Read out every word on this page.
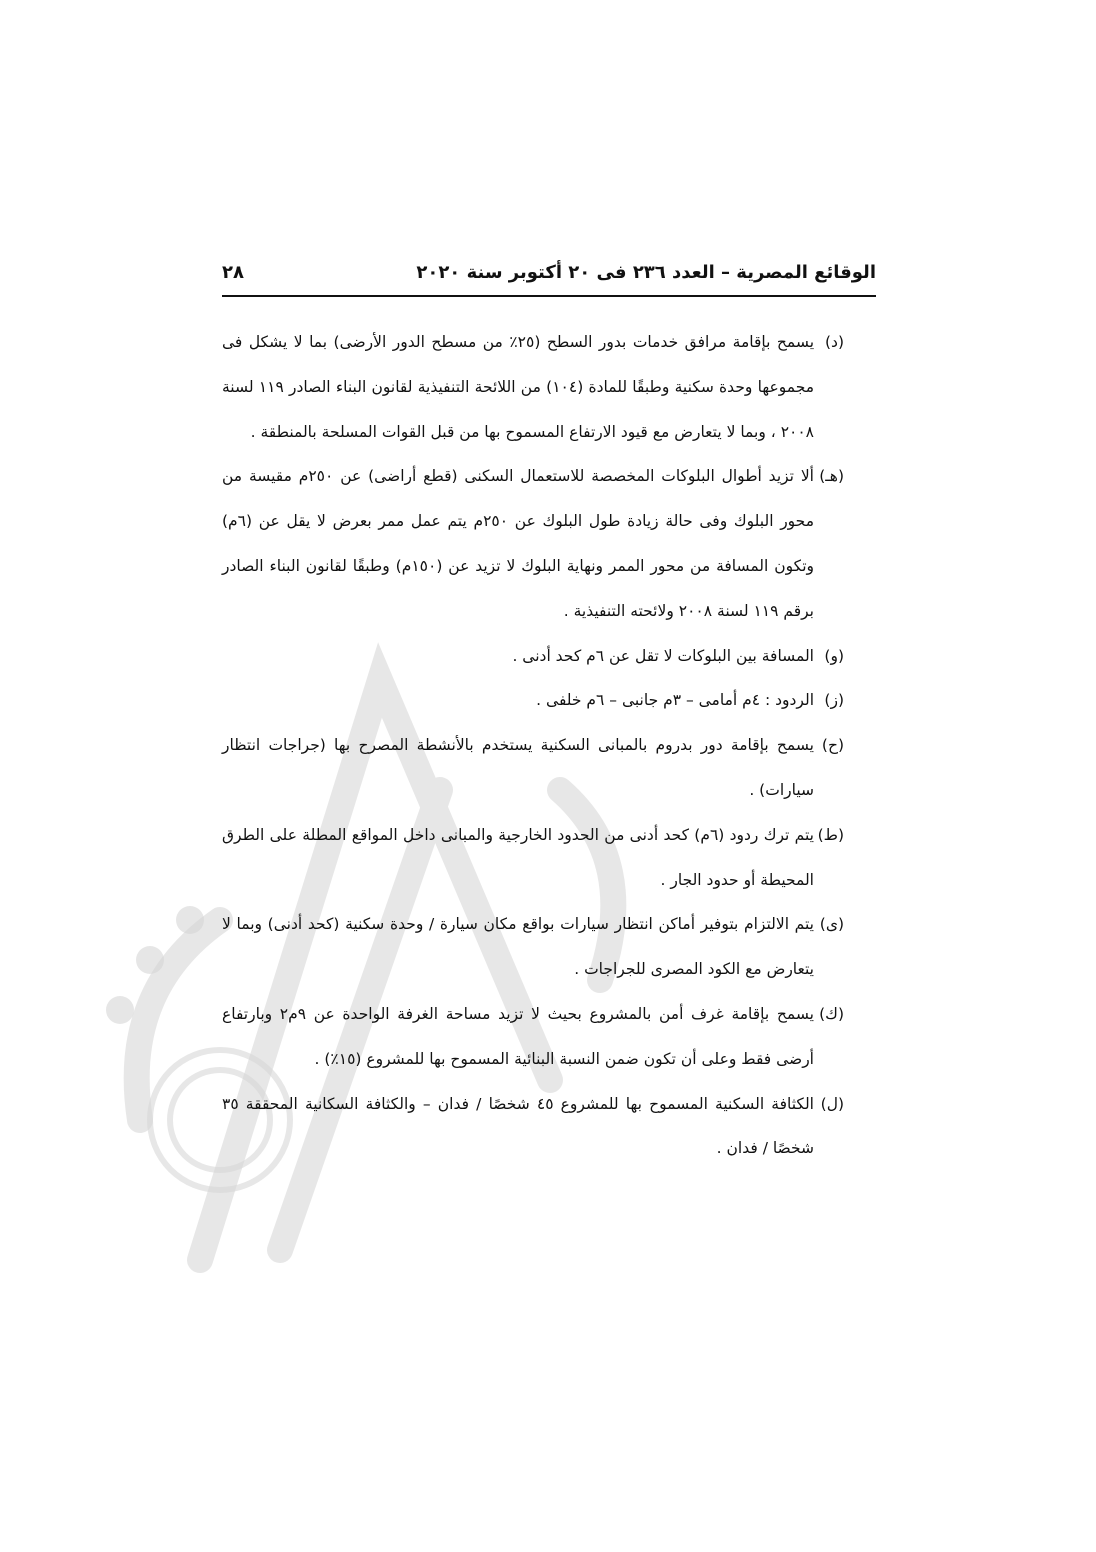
الوقائع المصرية – العدد ٢٣٦ فى ٢٠ أكتوبر سنة ٢٠٢٠
٢٨

(د)
يسمح بإقامة مرافق خدمات بدور السطح (٢٥٪ من مسطح الدور الأرضى) بما لا يشكل فى مجموعها وحدة سكنية وطبقًا للمادة (١٠٤) من اللائحة التنفيذية لقانون البناء الصادر ١١٩ لسنة ٢٠٠٨ ، وبما لا يتعارض مع قيود الارتفاع المسموح بها من قبل القوات المسلحة بالمنطقة .

(هـ)
ألا تزيد أطوال البلوكات المخصصة للاستعمال السكنى (قطع أراضى) عن ٢٥٠م مقيسة من محور البلوك وفى حالة زيادة طول البلوك عن ٢٥٠م يتم عمل ممر بعرض لا يقل عن (٦م) وتكون المسافة من محور الممر ونهاية البلوك لا تزيد عن (١٥٠م) وطبقًا لقانون البناء الصادر برقم ١١٩ لسنة ٢٠٠٨ ولائحته التنفيذية .

(و)
المسافة بين البلوكات لا تقل عن ٦م كحد أدنى .

(ز)
الردود : ٤م أمامى – ٣م جانبى – ٦م خلفى .

(ح)
يسمح بإقامة دور بدروم بالمبانى السكنية يستخدم بالأنشطة المصرح بها (جراجات انتظار سيارات) .

(ط)
يتم ترك ردود (٦م) كحد أدنى من الحدود الخارجية والمبانى داخل المواقع المطلة على الطرق المحيطة أو حدود الجار .

(ى)
يتم الالتزام بتوفير أماكن انتظار سيارات بواقع مكان سيارة / وحدة سكنية (كحد أدنى) وبما لا يتعارض مع الكود المصرى للجراجات .

(ك)
يسمح بإقامة غرف أمن بالمشروع بحيث لا تزيد مساحة الغرفة الواحدة عن ٩م٢ وبارتفاع أرضى فقط وعلى أن تكون ضمن النسبة البنائية المسموح بها للمشروع (١٥٪) .

(ل)
الكثافة السكنية المسموح بها للمشروع ٤٥ شخصًا / فدان – والكثافة السكانية المحققة ٣٥ شخصًا / فدان .
